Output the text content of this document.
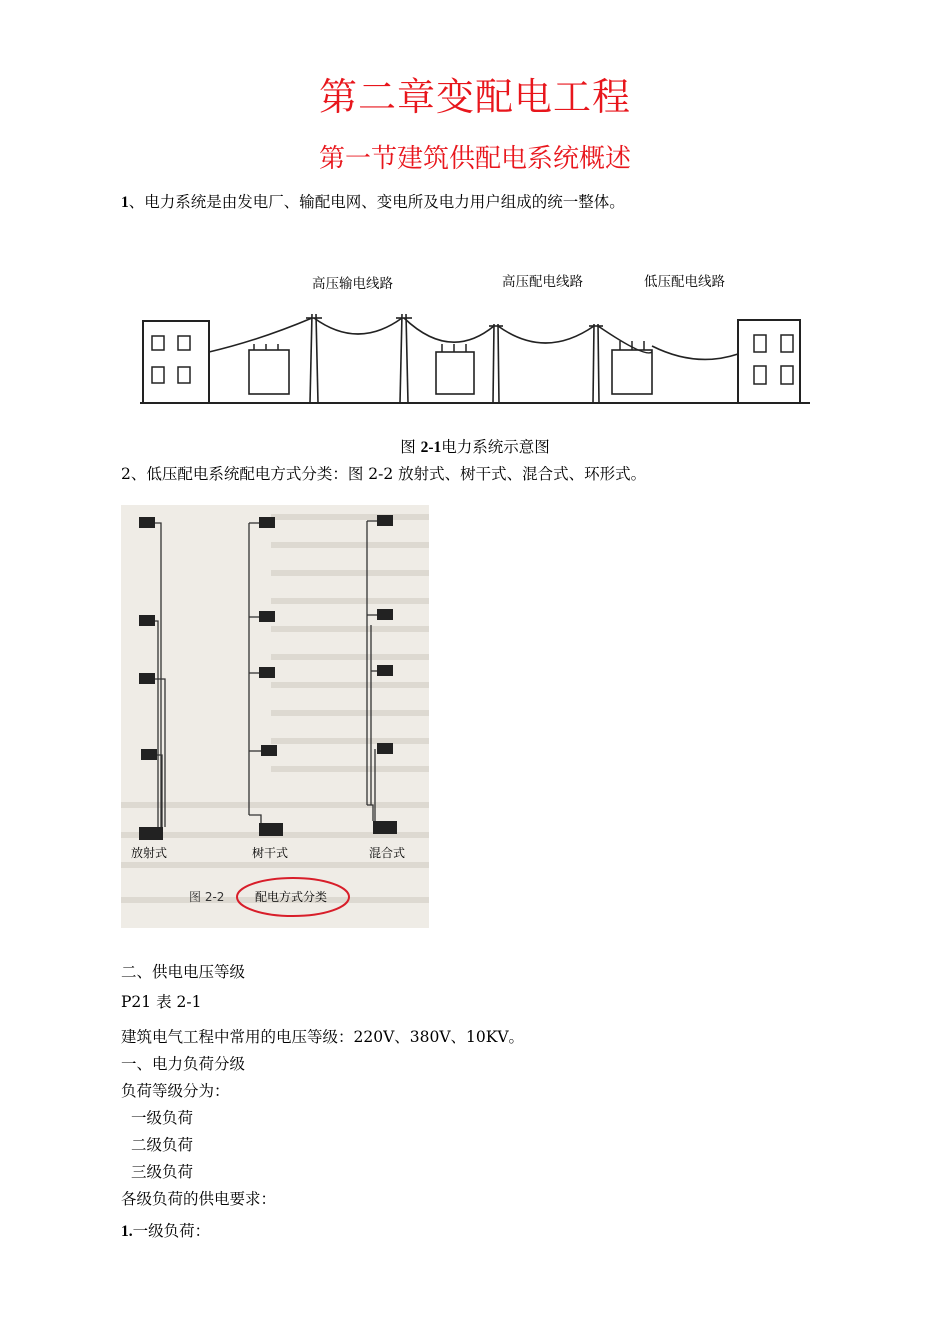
第二章变配电工程
第一节建筑供配电系统概述
1、电力系统是由发电厂、输配电网、变电所及电力用户组成的统一整体。
高压输电线路	高压配电线路	低压配电线路
图 2-1电力系统示意图
2、低压配电系统配电方式分类：图 2-2 放射式、树干式、混合式、环形式。
放射式	树干式	混合式
图 2-2	配电方式分类
二、供电电压等级
P21 表 2-1
建筑电气工程中常用的电压等级：220V、380V、10KV。
一、电力负荷分级
负荷等级分为：
一级负荷
二级负荷
三级负荷
各级负荷的供电要求：
1.一级负荷：
